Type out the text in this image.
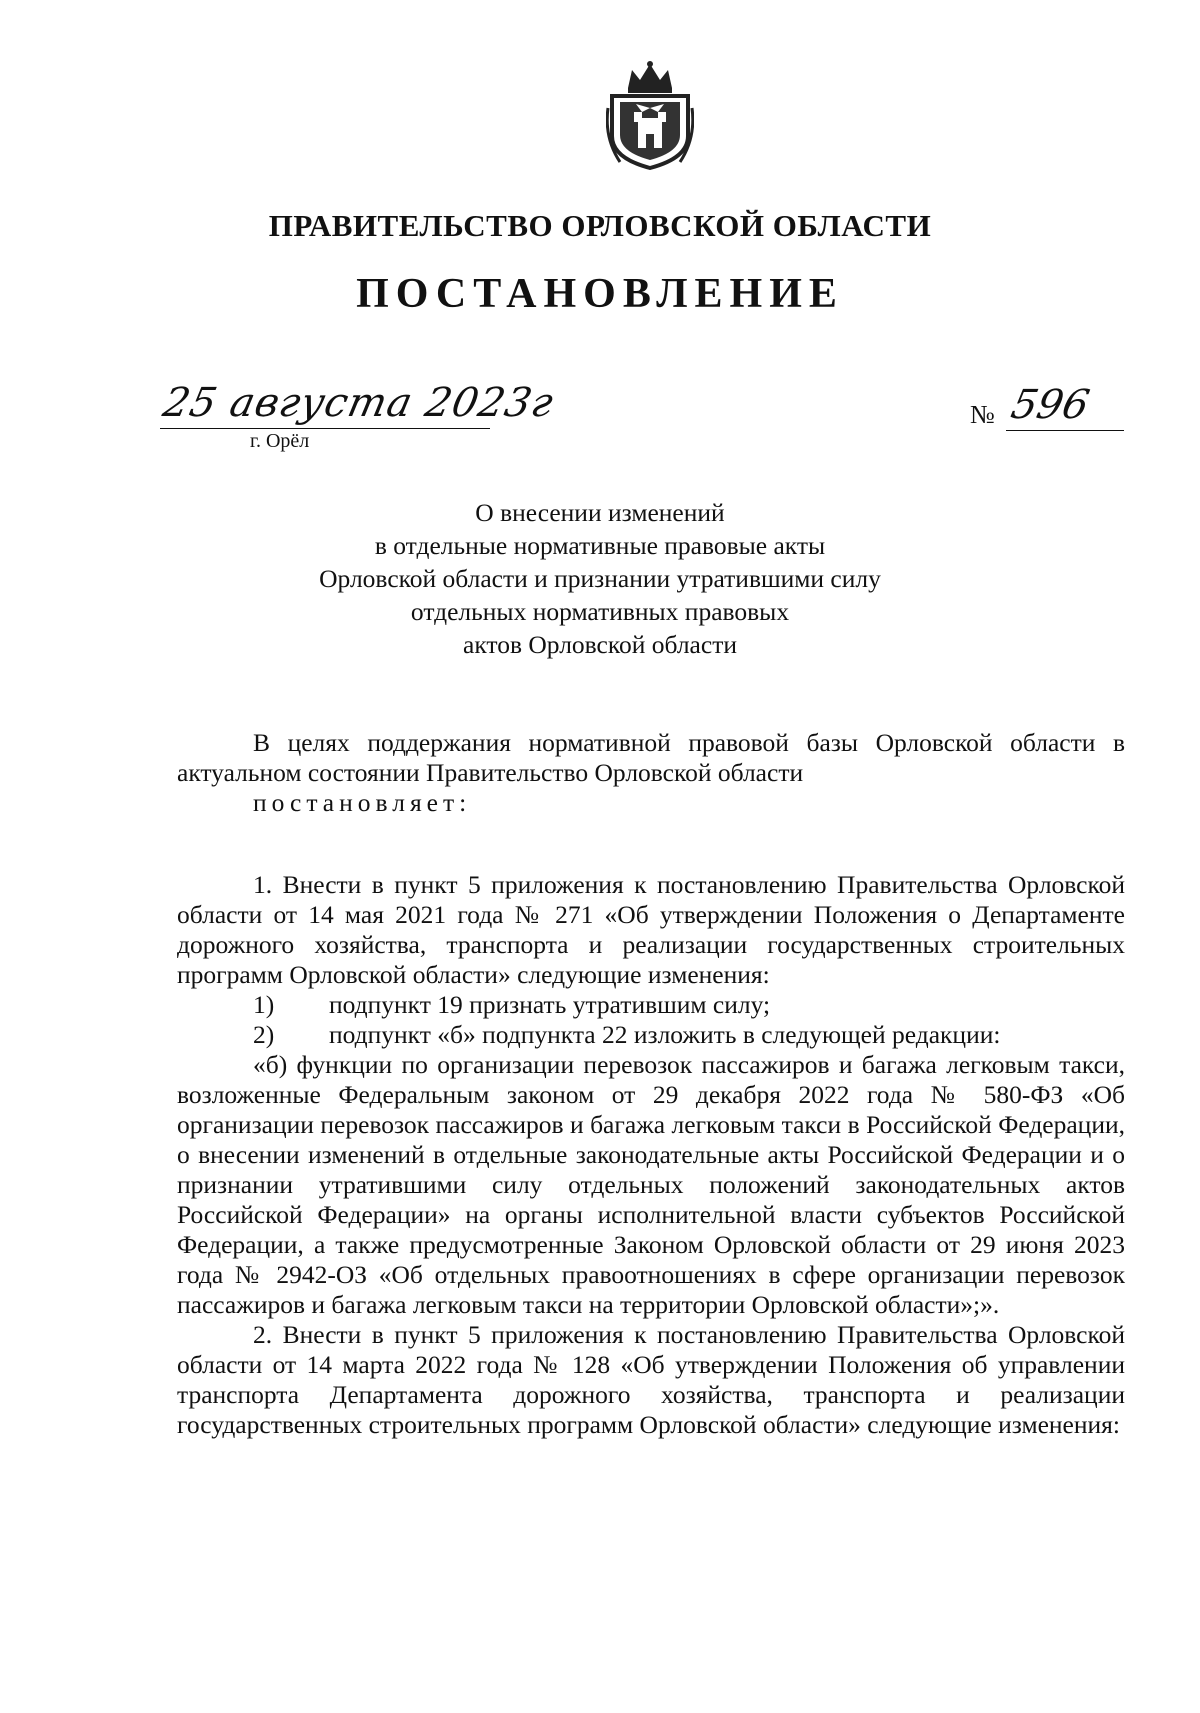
ПРАВИТЕЛЬСТВО ОРЛОВСКОЙ ОБЛАСТИ
ПОСТАНОВЛЕНИЕ
25 августа 2023г
г. Орёл
№ 596
О внесении изменений
в отдельные нормативные правовые акты
Орловской области и признании утратившими силу
отдельных нормативных правовых
актов Орловской области
В целях поддержания нормативной правовой базы Орловской области в актуальном состоянии Правительство Орловской области
постановляет:
1. Внести в пункт 5 приложения к постановлению Правительства Орловской области от 14 мая 2021 года № 271 «Об утверждении Положения о Департаменте дорожного хозяйства, транспорта и реализации государственных строительных программ Орловской области» следующие изменения:
1)	подпункт 19 признать утратившим силу;
2)	подпункт «б» подпункта 22 изложить в следующей редакции:
«б) функции по организации перевозок пассажиров и багажа легковым такси, возложенные Федеральным законом от 29 декабря 2022 года № 580-ФЗ «Об организации перевозок пассажиров и багажа легковым такси в Российской Федерации, о внесении изменений в отдельные законодательные акты Российской Федерации и о признании утратившими силу отдельных положений законодательных актов Российской Федерации» на органы исполнительной власти субъектов Российской Федерации, а также предусмотренные Законом Орловской области от 29 июня 2023 года № 2942-ОЗ «Об отдельных правоотношениях в сфере организации перевозок пассажиров и багажа легковым такси на территории Орловской области»;».
2. Внести в пункт 5 приложения к постановлению Правительства Орловской области от 14 марта 2022 года № 128 «Об утверждении Положения об управлении транспорта Департамента дорожного хозяйства, транспорта и реализации государственных строительных программ Орловской области» следующие изменения:
